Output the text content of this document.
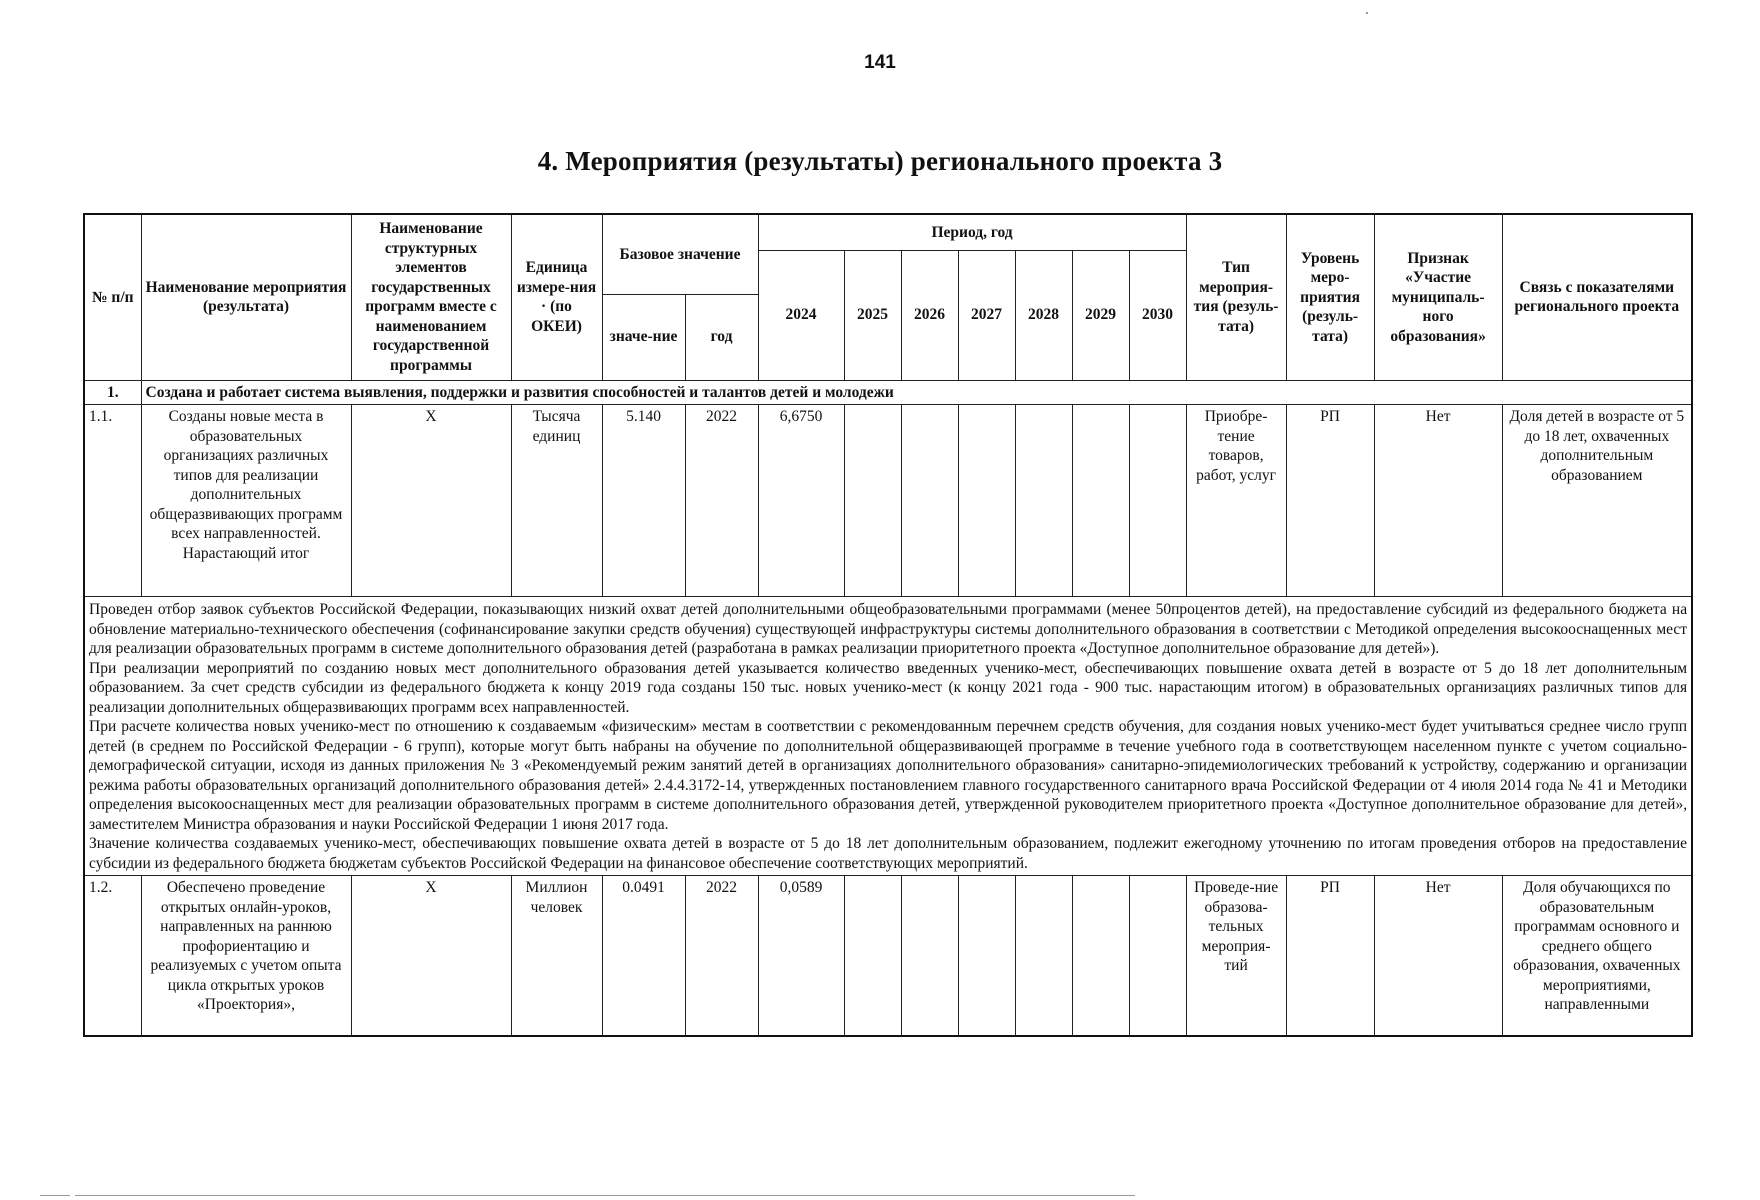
141
4. Мероприятия (результаты) регионального проекта 3
№ п/п	Наименование мероприятия (результата)	Наименование структурных элементов государственных программ вместе с наименованием государственной программы	Единица измере-ния · (по ОКЕИ)	Базовое значение		Период, год							Тип мероприя-тия (резуль-тата)	Уровень меро-приятия (резуль-тата)	Признак «Участие муниципаль-ного образования»	Связь с показателями регионального проекта
						2024	2025	2026	2027	2028	2029	2030				
				значе-ние	год											
1.	Создана и работает система выявления, поддержки и развития способностей и талантов детей и молодежи															
1.1.	Созданы новые места в образовательных организациях различных типов для реализации дополнительных общеразвивающих программ всех направленностей. Нарастающий итог	X	Тысяча единиц	5.140	2022	6,6750							Приобре-тение товаров, работ, услуг	РП	Нет	Доля детей в возрасте от 5 до 18 лет, охваченных дополнительным образованием

Проведен отбор заявок субъектов Российской Федерации, показывающих низкий охват детей дополнительными общеобразовательными программами (менее 50процентов детей), на предоставление субсидий из федерального бюджета на обновление материально-технического обеспечения (софинансирование закупки средств обучения) существующей инфраструктуры системы дополнительного образования в соответствии с Методикой определения высокооснащенных мест для реализации образовательных программ в системе дополнительного образования детей (разработана в рамках реализации приоритетного проекта «Доступное дополнительное образование для детей»).

При реализации мероприятий по созданию новых мест дополнительного образования детей указывается количество введенных ученико-мест, обеспечивающих повышение охвата детей в возрасте от 5 до 18 лет дополнительным образованием. За счет средств субсидии из федерального бюджета к концу 2019 года созданы 150 тыс. новых ученико-мест (к концу 2021 года - 900 тыс. нарастающим итогом) в образовательных организациях различных типов для реализации дополнительных общеразвивающих программ всех направленностей.

При расчете количества новых ученико-мест по отношению к создаваемым «физическим» местам в соответствии с рекомендованным перечнем средств обучения, для создания новых ученико-мест будет учитываться среднее число групп детей (в среднем по Российской Федерации - 6 групп), которые могут быть набраны на обучение по дополнительной общеразвивающей программе в течение учебного года в соответствующем населенном пункте с учетом социально-демографической ситуации, исходя из данных приложения № 3 «Рекомендуемый режим занятий детей в организациях дополнительного образования» санитарно-эпидемиологических требований к устройству, содержанию и организации режима работы образовательных организаций дополнительного образования детей» 2.4.4.3172-14, утвержденных постановлением главного государственного санитарного врача Российской Федерации от 4 июля 2014 года № 41 и Методики определения высокооснащенных мест для реализации образовательных программ в системе дополнительного образования детей, утвержденной руководителем приоритетного проекта «Доступное дополнительное образование для детей», заместителем Министра образования и науки Российской Федерации 1 июня 2017 года.

Значение количества создаваемых ученико-мест, обеспечивающих повышение охвата детей в возрасте от 5 до 18 лет дополнительным образованием, подлежит ежегодному уточнению по итогам проведения отборов на предоставление субсидии из федерального бюджета бюджетам субъектов Российской Федерации на финансовое обеспечение соответствующих мероприятий.																

1.2.	Обеспечено проведение открытых онлайн-уроков, направленных на раннюю профориентацию и реализуемых с учетом опыта цикла открытых уроков «Проектория»,	X	Миллион человек	0.0491	2022	0,0589							Проведе-ние образова-тельных мероприя-тий	РП	Нет	Доля обучающихся по образовательным программам основного и среднего общего образования, охваченных мероприятиями, направленными
